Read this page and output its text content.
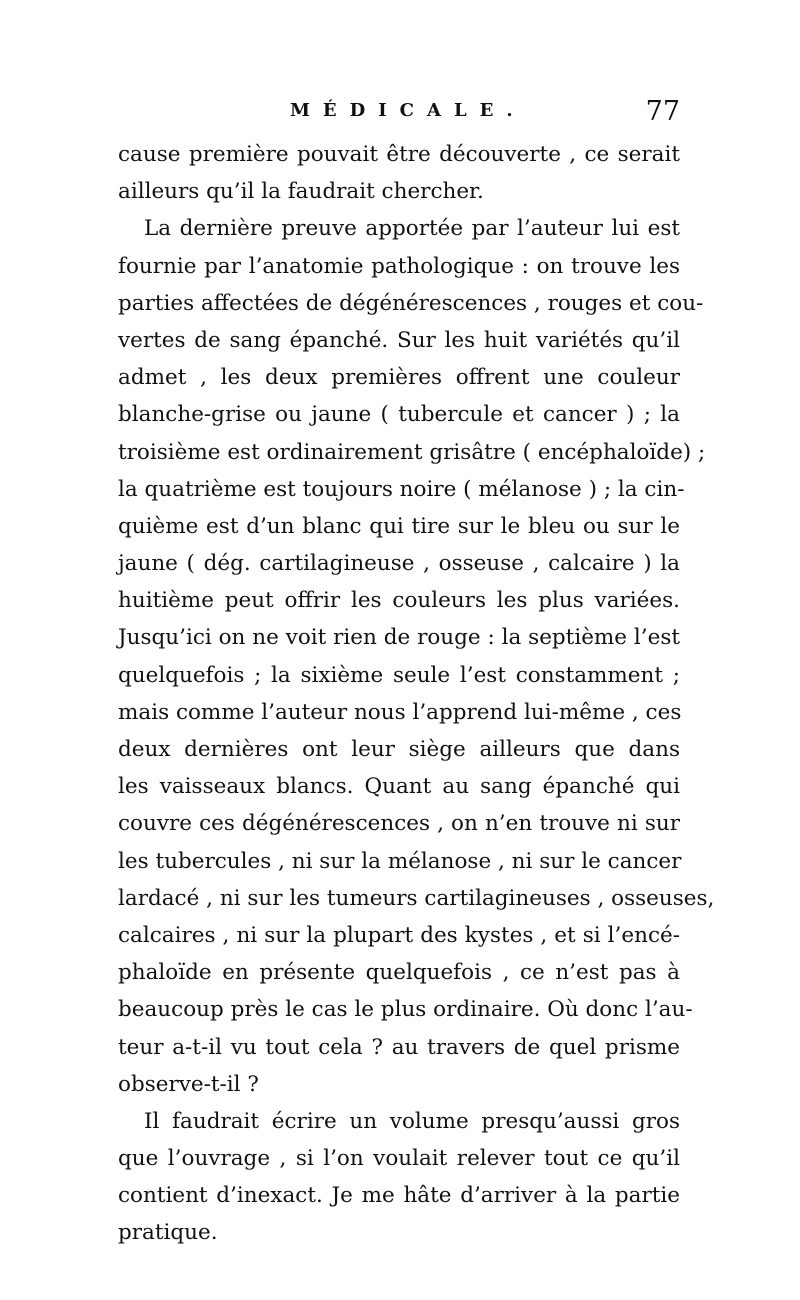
MÉDICALE.	77
cause première pouvait être découverte , ce serait
ailleurs qu’il la faudrait chercher.
La dernière preuve apportée par l’auteur lui est
fournie par l’anatomie pathologique : on trouve les
parties affectées de dégénérescences , rouges et cou-
vertes de sang épanché. Sur les huit variétés qu’il
admet , les deux premières offrent une couleur
blanche-grise ou jaune ( tubercule et cancer ) ; la
troisième est ordinairement grisâtre ( encéphaloïde) ;
la quatrième est toujours noire ( mélanose ) ; la cin-
quième est d’un blanc qui tire sur le bleu ou sur le
jaune ( dég. cartilagineuse , osseuse , calcaire ) la
huitième peut offrir les couleurs les plus variées.
Jusqu’ici on ne voit rien de rouge : la septième l’est
quelquefois ; la sixième seule l’est constamment ;
mais comme l’auteur nous l’apprend lui-même , ces
deux dernières ont leur siège ailleurs que dans
les vaisseaux blancs. Quant au sang épanché qui
couvre ces dégénérescences , on n’en trouve ni sur
les tubercules , ni sur la mélanose , ni sur le cancer
lardacé , ni sur les tumeurs cartilagineuses , osseuses,
calcaires , ni sur la plupart des kystes , et si l’encé-
phaloïde en présente quelquefois , ce n’est pas à
beaucoup près le cas le plus ordinaire. Où donc l’au-
teur a-t-il vu tout cela ? au travers de quel prisme
observe-t-il ?
Il faudrait écrire un volume presqu’aussi gros
que l’ouvrage , si l’on voulait relever tout ce qu’il
contient d’inexact. Je me hâte d’arriver à la partie
pratique.
